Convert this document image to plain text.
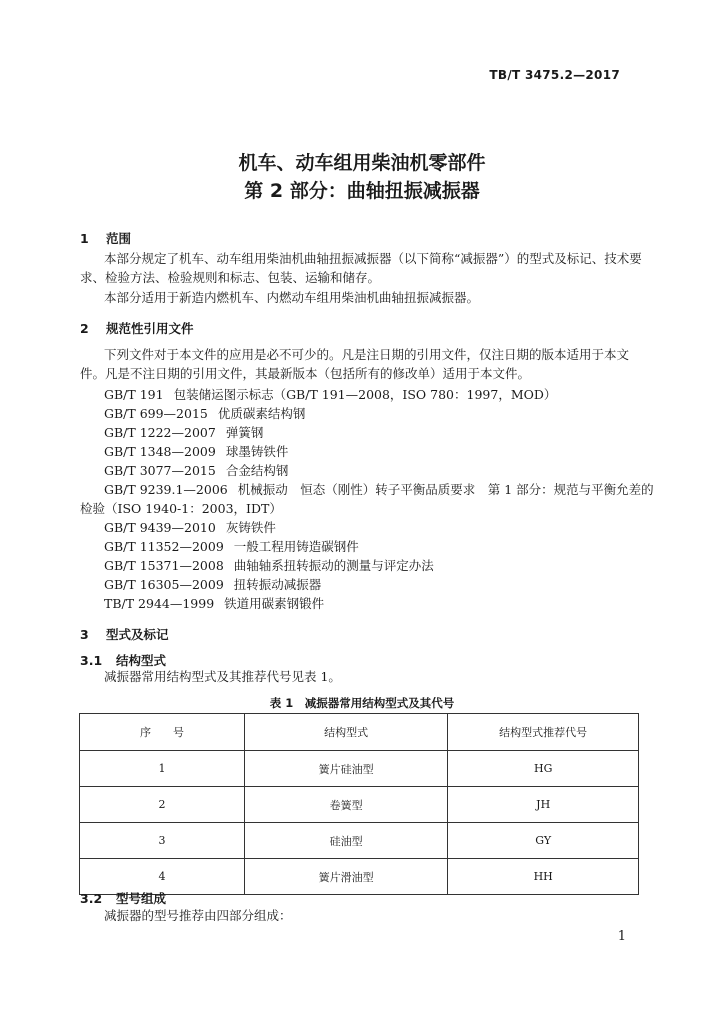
TB/T 3475.2—2017
机车、动车组用柴油机零部件
第 2 部分：曲轴扭振减振器
1 范围
本部分规定了机车、动车组用柴油机曲轴扭振减振器（以下简称“减振器”）的型式及标记、技术要
求、检验方法、检验规则和标志、包装、运输和储存。
本部分适用于新造内燃机车、内燃动车组用柴油机曲轴扭振减振器。
2 规范性引用文件
下列文件对于本文件的应用是必不可少的。凡是注日期的引用文件，仅注日期的版本适用于本文
件。凡是不注日期的引用文件，其最新版本（包括所有的修改单）适用于本文件。
GB/T 191 包装储运图示标志（GB/T 191—2008，ISO 780：1997，MOD）
GB/T 699—2015 优质碳素结构钢
GB/T 1222—2007 弹簧钢
GB/T 1348—2009 球墨铸铁件
GB/T 3077—2015 合金结构钢
GB/T 9239.1—2006 机械振动　恒态（刚性）转子平衡品质要求　第 1 部分：规范与平衡允差的
检验（ISO 1940-1：2003，IDT）
GB/T 9439—2010 灰铸铁件
GB/T 11352—2009 一般工程用铸造碳钢件
GB/T 15371—2008 曲轴轴系扭转振动的测量与评定办法
GB/T 16305—2009 扭转振动减振器
TB/T 2944—1999 铁道用碳素钢锻件
3 型式及标记
3.1 结构型式
减振器常用结构型式及其推荐代号见表 1。
表 1　减振器常用结构型式及其代号
序　　号	结构型式	结构型式推荐代号
1	簧片硅油型	HG
2	卷簧型	JH
3	硅油型	GY
4	簧片滑油型	HH
3.2 型号组成
减振器的型号推荐由四部分组成：
1
